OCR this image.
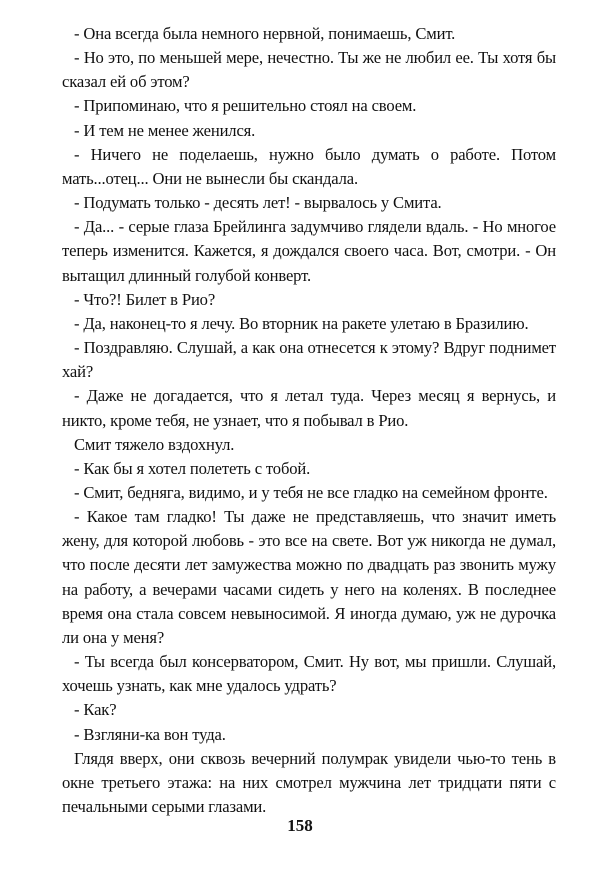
- Она всегда была немного нервной, понимаешь, Смит.

- Но это, по меньшей мере, нечестно. Ты же не любил ее. Ты хотя бы сказал ей об этом?

- Припоминаю, что я решительно стоял на своем.

- И тем не менее женился.

- Ничего не поделаешь, нужно было думать о работе. Потом мать...отец... Они не вынесли бы скандала.

- Подумать только - десять лет! - вырвалось у Смита.

- Да... - серые глаза Брейлинга задумчиво глядели вдаль. - Но многое теперь изменится. Кажется, я дождался своего часа. Вот, смотри. - Он вытащил длинный голубой конверт.

- Что?! Билет в Рио?

- Да, наконец-то я лечу. Во вторник на ракете улетаю в Бразилию.

- Поздравляю. Слушай, а как она отнесется к этому? Вдруг поднимет хай?

- Даже не догадается, что я летал туда. Через месяц я вернусь, и никто, кроме тебя, не узнает, что я побывал в Рио.

Смит тяжело вздохнул.

- Как бы я хотел полететь с тобой.

- Смит, бедняга, видимо, и у тебя не все гладко на семейном фронте.

- Какое там гладко! Ты даже не представляешь, что значит иметь жену, для которой любовь - это все на свете. Вот уж никогда не думал, что после десяти лет замужества можно по двадцать раз звонить мужу на работу, а вечерами часами сидеть у него на коленях. В последнее время она стала совсем невыносимой. Я иногда думаю, уж не дурочка ли она у меня?

- Ты всегда был консерватором, Смит. Ну вот, мы пришли. Слушай, хочешь узнать, как мне удалось удрать?

- Как?

- Взгляни-ка вон туда.

Глядя вверх, они сквозь вечерний полумрак увидели чью-то тень в окне третьего этажа: на них смотрел мужчина лет тридцати пяти с печальными серыми глазами.

158
